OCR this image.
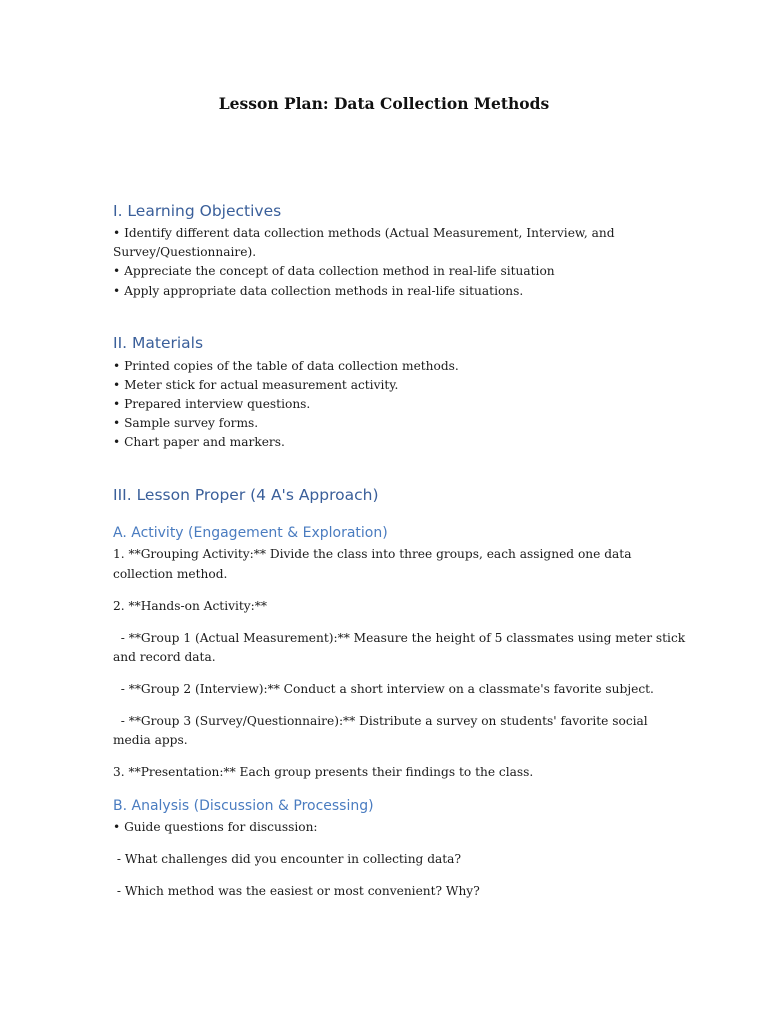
Lesson Plan: Data Collection Methods
I. Learning Objectives

• Identify different data collection methods (Actual Measurement, Interview, and

Survey/Questionnaire).

• Appreciate the concept of data collection method in real-life situation

• Apply appropriate data collection methods in real-life situations.

II. Materials

• Printed copies of the table of data collection methods.

• Meter stick for actual measurement activity.

• Prepared interview questions.

• Sample survey forms.

• Chart paper and markers.

III. Lesson Proper (4 A's Approach)
A. Activity (Engagement & Exploration)

1. **Grouping Activity:** Divide the class into three groups, each assigned one data

collection method.

2. **Hands-on Activity:**

- **Group 1 (Actual Measurement):** Measure the height of 5 classmates using meter stick

and record data.

- **Group 2 (Interview):** Conduct a short interview on a classmate's favorite subject.

- **Group 3 (Survey/Questionnaire):** Distribute a survey on students' favorite social

media apps.

3. **Presentation:** Each group presents their findings to the class.

B. Analysis (Discussion & Processing)

• Guide questions for discussion:

- What challenges did you encounter in collecting data?

- Which method was the easiest or most convenient? Why?
